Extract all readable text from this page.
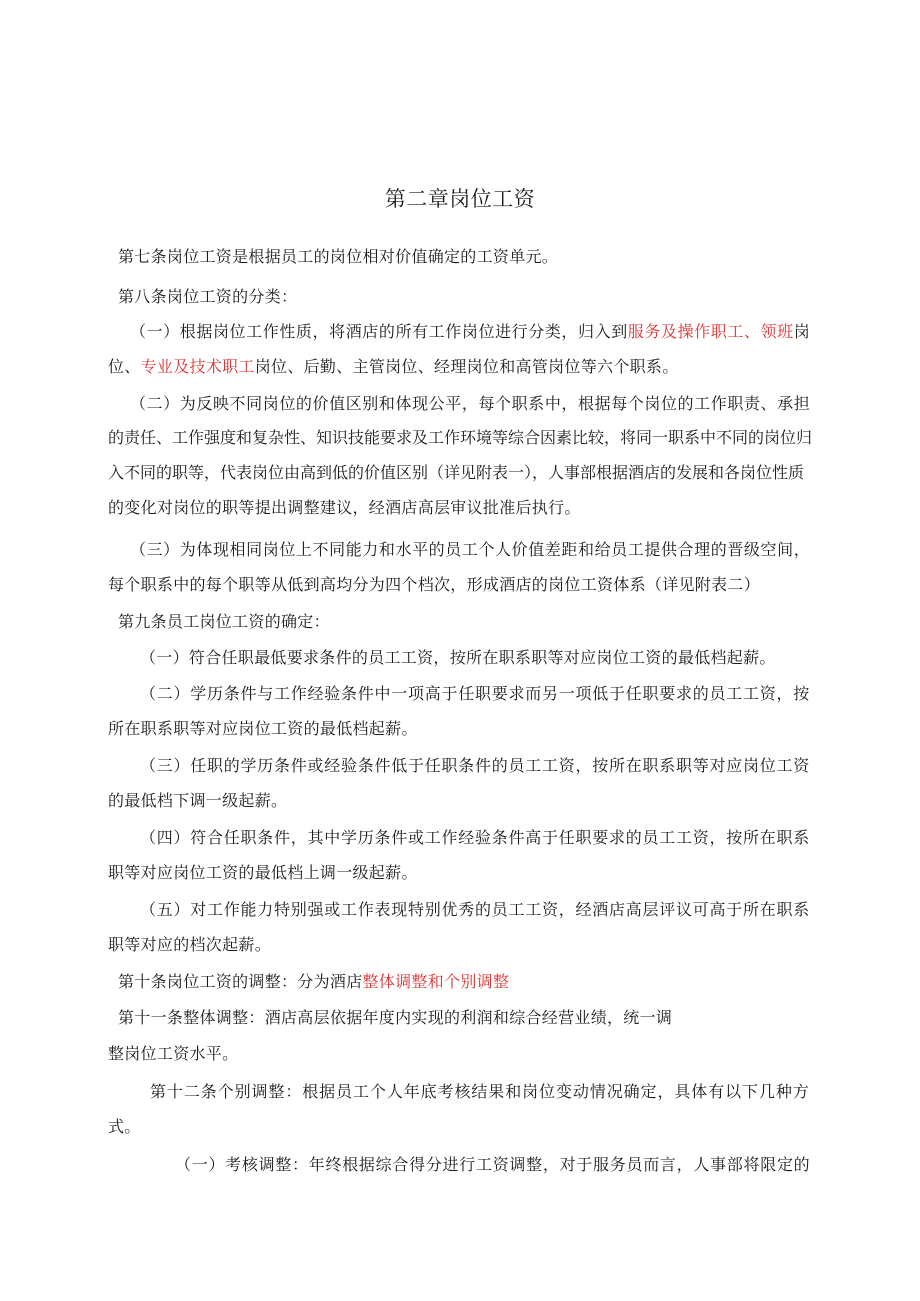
第二章岗位工资
第七条岗位工资是根据员工的岗位相对价值确定的工资单元。
第八条岗位工资的分类：
（一）根据岗位工作性质，将酒店的所有工作岗位进行分类，归入到服务及操作职工、领班岗
位、专业及技术职工岗位、后勤、主管岗位、经理岗位和高管岗位等六个职系。
（二）为反映不同岗位的价值区别和体现公平，每个职系中，根据每个岗位的工作职责、承担
的责任、工作强度和复杂性、知识技能要求及工作环境等综合因素比较，将同一职系中不同的岗位归
入不同的职等，代表岗位由高到低的价值区别（详见附表一），人事部根据酒店的发展和各岗位性质
的变化对岗位的职等提出调整建议，经酒店高层审议批准后执行。
（三）为体现相同岗位上不同能力和水平的员工个人价值差距和给员工提供合理的晋级空间，
每个职系中的每个职等从低到高均分为四个档次，形成酒店的岗位工资体系（详见附表二）
第九条员工岗位工资的确定：
（一）符合任职最低要求条件的员工工资，按所在职系职等对应岗位工资的最低档起薪。
（二）学历条件与工作经验条件中一项高于任职要求而另一项低于任职要求的员工工资，按
所在职系职等对应岗位工资的最低档起薪。
（三）任职的学历条件或经验条件低于任职条件的员工工资，按所在职系职等对应岗位工资
的最低档下调一级起薪。
（四）符合任职条件，其中学历条件或工作经验条件高于任职要求的员工工资，按所在职系
职等对应岗位工资的最低档上调一级起薪。
（五）对工作能力特别强或工作表现特别优秀的员工工资，经酒店高层评议可高于所在职系
职等对应的档次起薪。
第十条岗位工资的调整：分为酒店整体调整和个别调整
第十一条整体调整：酒店高层依据年度内实现的利润和综合经营业绩，统一调
整岗位工资水平。
第十二条个别调整：根据员工个人年底考核结果和岗位变动情况确定，具体有以下几种方
式。
（一）考核调整：年终根据综合得分进行工资调整，对于服务员而言，人事部将限定的
